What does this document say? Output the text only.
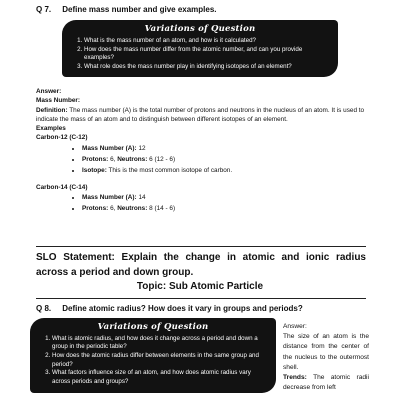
Q 7. Define mass number and give examples.
Variations of Question
1. What is the mass number of an atom, and how is it calculated?
2. How does the mass number differ from the atomic number, and can you provide examples?
3. What role does the mass number play in identifying isotopes of an element?
Answer:
Mass Number:
Definition: The mass number (A) is the total number of protons and neutrons in the nucleus of an atom. It is used to indicate the mass of an atom and to distinguish between different isotopes of an element.
Examples
Carbon-12 (C-12)
• Mass Number (A): 12
• Protons: 6, Neutrons: 6 (12 - 6)
• Isotope: This is the most common isotope of carbon.
Carbon-14 (C-14)
• Mass Number (A): 14
• Protons: 6, Neutrons: 8 (14 - 6)
SLO Statement: Explain the change in atomic and ionic radius across a period and down group.
Topic: Sub Atomic Particle
Q 8. Define atomic radius? How does it vary in groups and periods?
Variations of Question
1. What is atomic radius, and how does it change across a period and down a group in the periodic table?
2. How does the atomic radius differ between elements in the same group and period?
3. What factors influence size of an atom, and how does atomic radius vary across periods and groups?
Answer:
The size of an atom is the distance from the center of the nucleus to the outermost shell.
Trends: The atomic radii decrease from left
